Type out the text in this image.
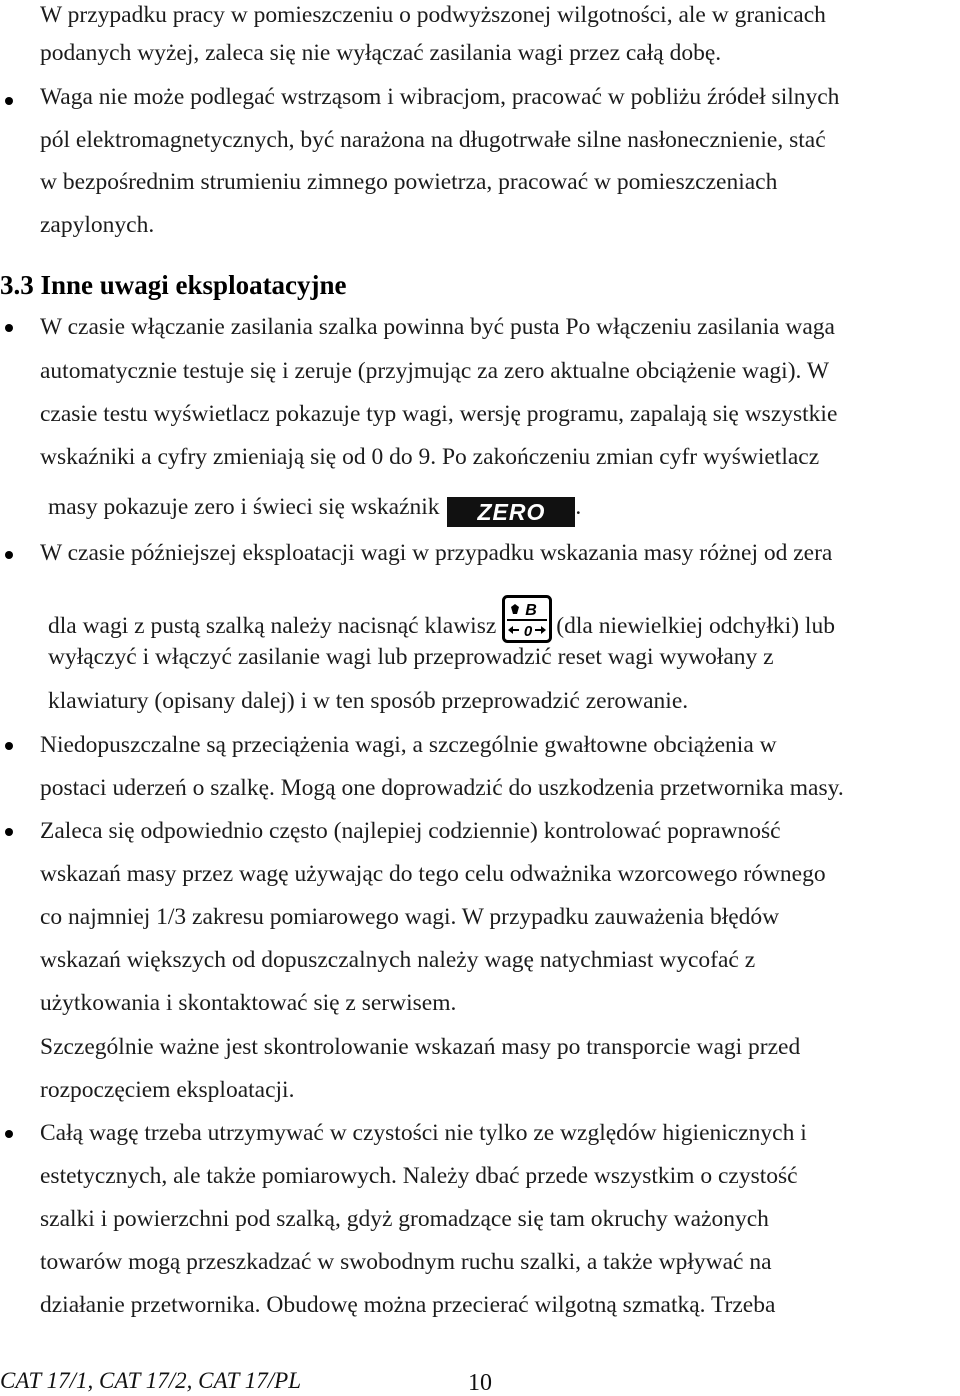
W przypadku pracy w pomieszczeniu o podwyższonej wilgotności, ale w granicach
podanych wyżej, zaleca się nie wyłączać zasilania wagi przez całą dobę.
Waga nie może podlegać wstrząsom i wibracjom, pracować w pobliżu źródeł silnych
pól elektromagnetycznych, być narażona na długotrwałe silne nasłonecznienie, stać
w bezpośrednim strumieniu zimnego powietrza, pracować w pomieszczeniach
zapylonych.
3.3 Inne uwagi eksploatacyjne
W czasie włączanie zasilania szalka powinna być pusta Po włączeniu zasilania waga
automatycznie testuje się i zeruje (przyjmując za zero aktualne obciążenie wagi). W
czasie testu wyświetlacz pokazuje typ wagi, wersję programu, zapalają się wszystkie
wskaźniki a cyfry zmieniają się od 0 do 9. Po zakończeniu zmian cyfr wyświetlacz
masy pokazuje zero i świeci się wskaźnik ZERO .
W czasie późniejszej eksploatacji wagi w przypadku wskazania masy różnej od zera
dla wagi z pustą szalką należy nacisnąć klawisz
B
0 (dla niewielkiej odchyłki) lub
wyłączyć i włączyć zasilanie wagi lub przeprowadzić reset wagi wywołany z
klawiatury (opisany dalej) i w ten sposób przeprowadzić zerowanie.
Niedopuszczalne są przeciążenia wagi, a szczególnie gwałtowne obciążenia w
postaci uderzeń o szalkę. Mogą one doprowadzić do uszkodzenia przetwornika masy.
Zaleca się odpowiednio często (najlepiej codziennie) kontrolować poprawność
wskazań masy przez wagę używając do tego celu odważnika wzorcowego równego
co najmniej 1/3 zakresu pomiarowego wagi. W przypadku zauważenia błędów
wskazań większych od dopuszczalnych należy wagę natychmiast wycofać z
użytkowania i skontaktować się z serwisem.
Szczególnie ważne jest skontrolowanie wskazań masy po transporcie wagi przed
rozpoczęciem eksploatacji.
Całą wagę trzeba utrzymywać w czystości nie tylko ze względów higienicznych i
estetycznych, ale także pomiarowych. Należy dbać przede wszystkim o czystość
szalki i powierzchni pod szalką, gdyż gromadzące się tam okruchy ważonych
towarów mogą przeszkadzać w swobodnym ruchu szalki, a także wpływać na
działanie przetwornika. Obudowę można przecierać wilgotną szmatką. Trzeba
CAT 17/1, CAT 17/2, CAT 17/PL	10
